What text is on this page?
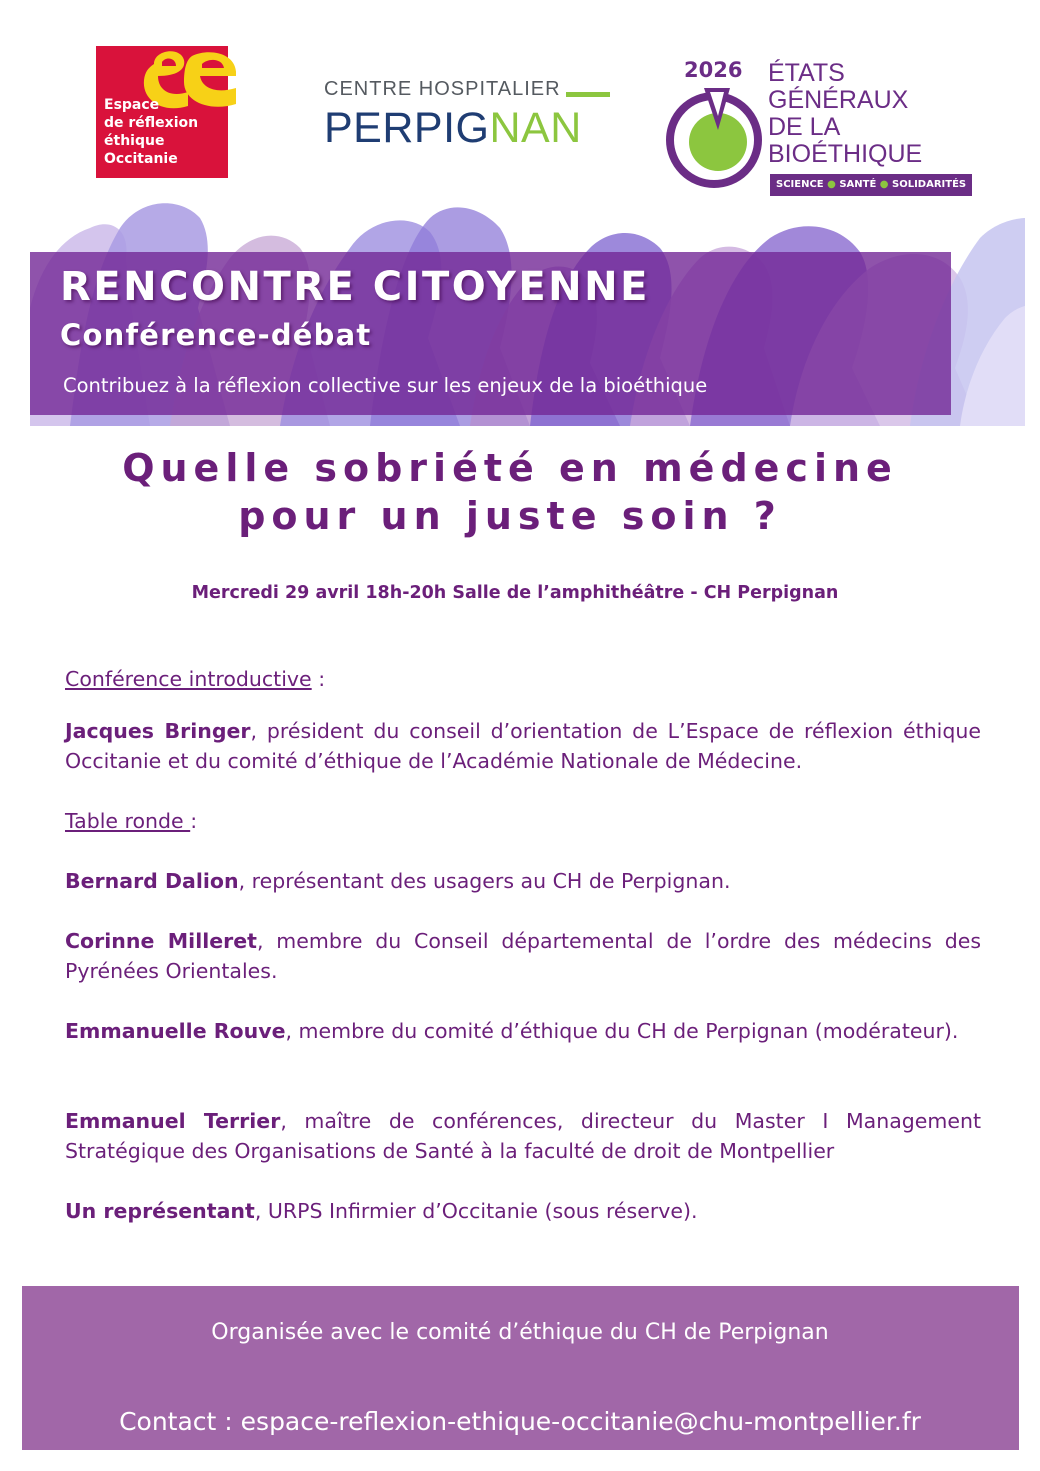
Espace
de réflexion
éthique
Occitanie
CENTRE HOSPITALIER
PERPIGNAN
2026 ÉTATS
GÉNÉRAUX
DE LA
BIOÉTHIQUE
SCIENCE ● SANTÉ ● SOLIDARITÉS
RENCONTRE CITOYENNE
Conférence-débat
Contribuez à la réflexion collective sur les enjeux de la bioéthique
Quelle sobriété en médecine
pour un juste soin ?
Mercredi 29 avril 18h-20h Salle de l’amphithéâtre - CH Perpignan
Conférence introductive :
Jacques Bringer, président du conseil d’orientation de L’Espace de réflexion éthique Occitanie et du comité d’éthique de l’Académie Nationale de Médecine.
Table ronde :
Bernard Dalion, représentant des usagers au CH de Perpignan.
Corinne Milleret, membre du Conseil départemental de l’ordre des médecins des Pyrénées Orientales.
Emmanuelle Rouve, membre du comité d’éthique du CH de Perpignan (modérateur).
Emmanuel Terrier, maître de conférences, directeur du Master I Management Stratégique des Organisations de Santé à la faculté de droit de Montpellier
Un représentant, URPS Infirmier d’Occitanie (sous réserve).
Organisée avec le comité d’éthique du CH de Perpignan
Contact : espace-reflexion-ethique-occitanie@chu-montpellier.fr
